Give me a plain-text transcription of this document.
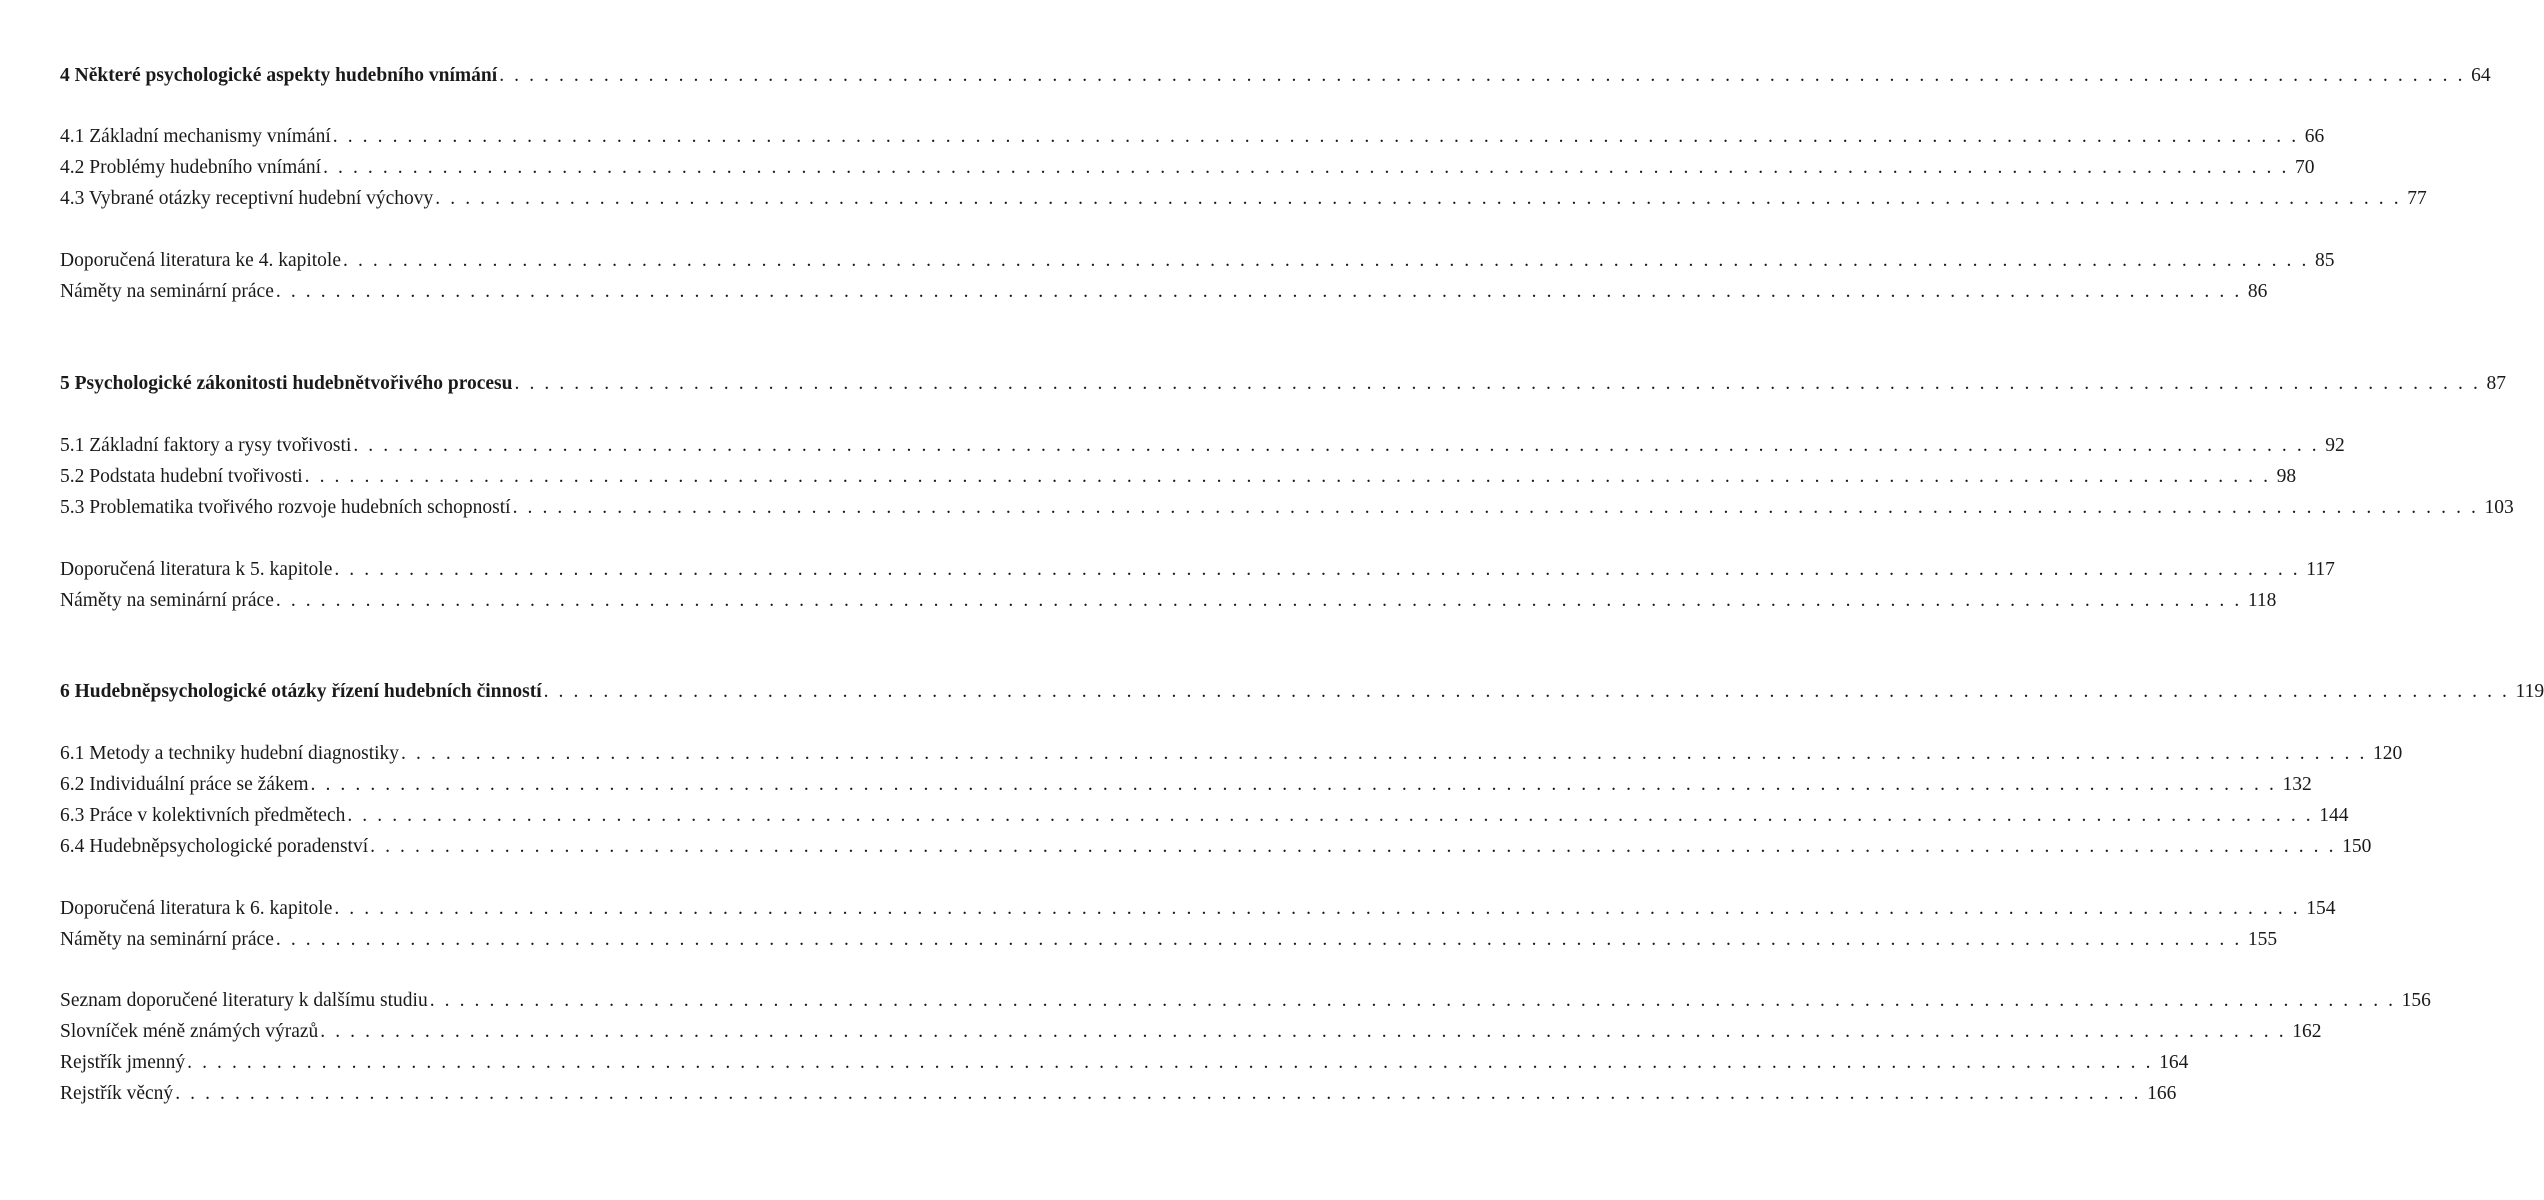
4 Některé psychologické aspekty hudebního vnímání . . .	64
4.1 Základní mechanismy vnímání . . .	66
4.2 Problémy hudebního vnímání . . .	70
4.3 Vybrané otázky receptivní hudební výchovy . . .	77
Doporučená literatura ke 4. kapitole . . .	85
Náměty na seminární práce . . .	86
5 Psychologické zákonitosti hudebnětvořivého procesu . . .	87
5.1 Základní faktory a rysy tvořivosti . . .	92
5.2 Podstata hudební tvořivosti . . .	98
5.3 Problematika tvořivého rozvoje hudebních schopností . . .	103
Doporučená literatura k 5. kapitole . . .	117
Náměty na seminární práce . . .	118
6 Hudebněpsychologické otázky řízení hudebních činností . . .	119
6.1 Metody a techniky hudební diagnostiky . . .	120
6.2 Individuální práce se žákem . . .	132
6.3 Práce v kolektivních předmětech . . .	144
6.4 Hudebněpsychologické poradenství . . .	150
Doporučená literatura k 6. kapitole . . .	154
Náměty na seminární práce . . .	155
Seznam doporučené literatury k dalšímu studiu . . .	156
Slovníček méně známých výrazů . . .	162
Rejstřík jmenný . . .	164
Rejstřík věcný . . .	166
